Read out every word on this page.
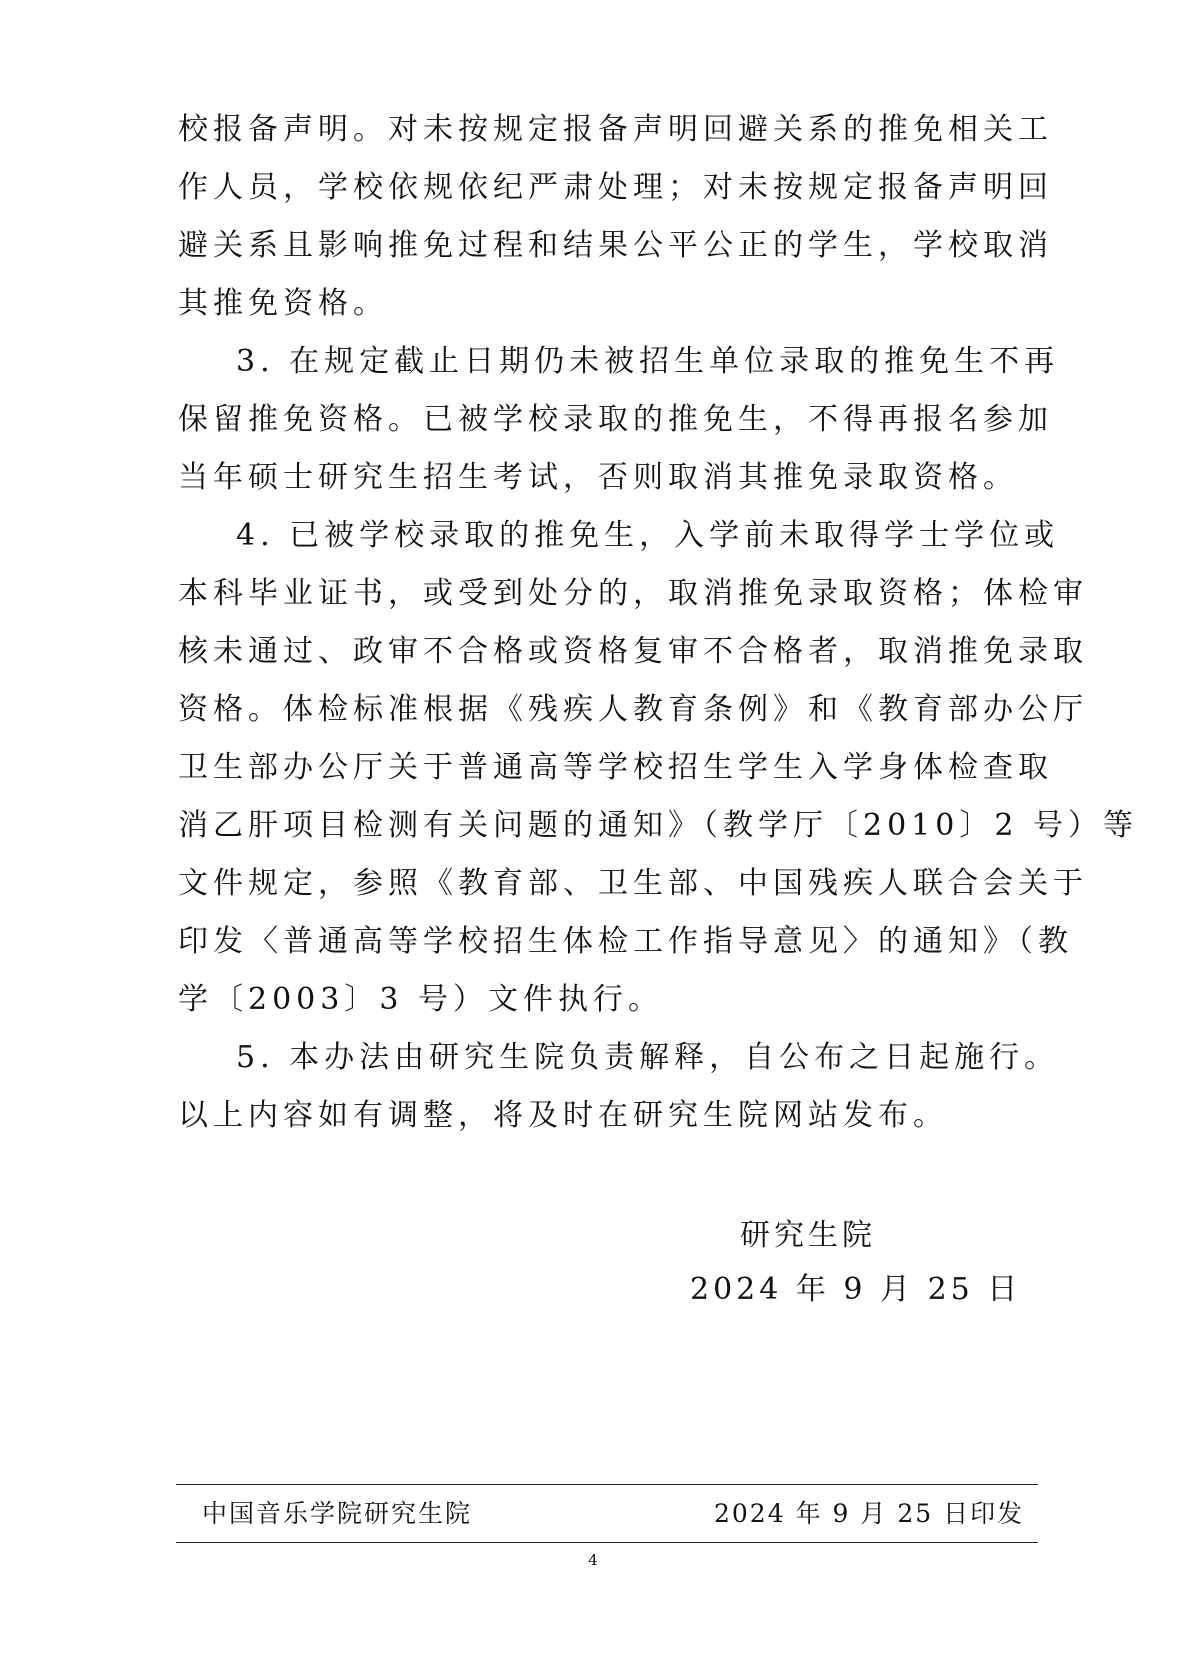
校报备声明。对未按规定报备声明回避关系的推免相关工
作人员，学校依规依纪严肃处理；对未按规定报备声明回
避关系且影响推免过程和结果公平公正的学生，学校取消
其推免资格。
3. 在规定截止日期仍未被招生单位录取的推免生不再
保留推免资格。已被学校录取的推免生，不得再报名参加
当年硕士研究生招生考试，否则取消其推免录取资格。
4. 已被学校录取的推免生，入学前未取得学士学位或
本科毕业证书，或受到处分的，取消推免录取资格；体检审
核未通过、政审不合格或资格复审不合格者，取消推免录取
资格。体检标准根据《残疾人教育条例》和《教育部办公厅
卫生部办公厅关于普通高等学校招生学生入学身体检查取
消乙肝项目检测有关问题的通知》（教学厅〔2010〕2 号）等
文件规定，参照《教育部、卫生部、中国残疾人联合会关于
印发〈普通高等学校招生体检工作指导意见〉的通知》（教
学〔2003〕3 号）文件执行。
5. 本办法由研究生院负责解释，自公布之日起施行。
以上内容如有调整，将及时在研究生院网站发布。
研究生院
2024 年 9 月 25 日
中国音乐学院研究生院	2024 年 9 月 25 日印发
4
